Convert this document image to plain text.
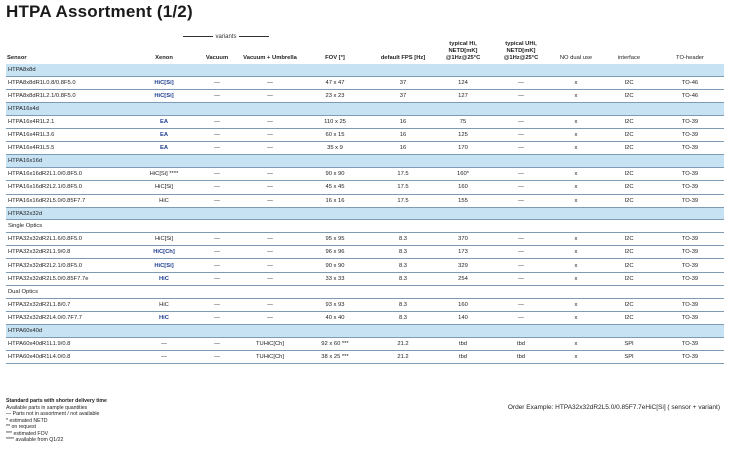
HTPA Assortment (1/2)
variants
Sensor	Xenon	Vacuum	Vacuum + Umbrella	FOV [°]	default FPS [Hz]	typical Hi, NETD[mK] @1Hz@25°C	typical UHi, NETD[mK] @1Hz@25°C	NO dual use	interface	TO-header
HTPA8x8d										
HTPA8x8dR1L0.8/0.8F5.0	HiC[Si]	—	—	47 x 47	37	124	—	x	I2C	TO-46
HTPA8x8dR1L2.1/0.8F5.0	HiC[Si]	—	—	23 x 23	37	127	—	x	I2C	TO-46
HTPA16x4d										
HTPA16x4R1L2.1	EA	—	—	110 x 25	16	75	—	x	I2C	TO-39
HTPA16x4R1L3.6	EA	—	—	60 x 15	16	125	—	x	I2C	TO-39
HTPA16x4R1L5.5	EA	—	—	35 x 9	16	170	—	x	I2C	TO-39
HTPA16x16d										
HTPA16x16dR2L1.0/0.8F5.0	HiC[Si] ****	—	—	90 x 90	17.5	160*	—	x	I2C	TO-39
HTPA16x16dR2L2.1/0.8F5.0	HiC[Si]	—	—	45 x 45	17.5	160	—	x	I2C	TO-39
HTPA16x16dR2L5.0/0.85F7.7	HiC	—	—	16 x 16	17.5	155	—	x	I2C	TO-39
HTPA32x32d										
Single Optics										
HTPA32x32dR2L1.6/0.8F5.0	HiC[Si]	—	—	95 x 95	8.3	370	—	x	I2C	TO-39
HTPA32x32dR2L1.9/0.8	HiC[Ch]	—	—	96 x 96	8.3	173	—	x	I2C	TO-39
HTPA32x32dR2L2.1/0.8F5.0	HiC[Si]	—	—	90 x 90	8.3	329	—	x	I2C	TO-39
HTPA32x32dR2L5.0/0.85F7.7e	HiC	—	—	33 x 33	8.3	254	—	x	I2C	TO-39
Dual Optics										
HTPA32x32dR2L1.8/0.7	HiC	—	—	93 x 93	8.3	160	—	x	I2C	TO-39
HTPA32x32dR2L4.0/0.7F7.7	HiC	—	—	40 x 40	8.3	140	—	x	I2C	TO-39
HTPA60x40d										
HTPA60x40dR1L1.9/0.8	—	—	TUHiC[Ch]	92 x 60 ***	21.2	tbd	tbd	x	SPI	TO-39
HTPA60x40dR1L4.0/0.8	—	—	TUHiC[Ch]	38 x 25 ***	21.2	tbd	tbd	x	SPI	TO-39
Standard parts with shorter delivery time
Available parts in sample quantities
— Parts not in assortment / not available
* estimated NETD
** on request
*** estimated FOV
**** available from Q1/22
Order Example: HTPA32x32dR2L5.0/0.85F7.7eHiC[Si] ( sensor + variant)
